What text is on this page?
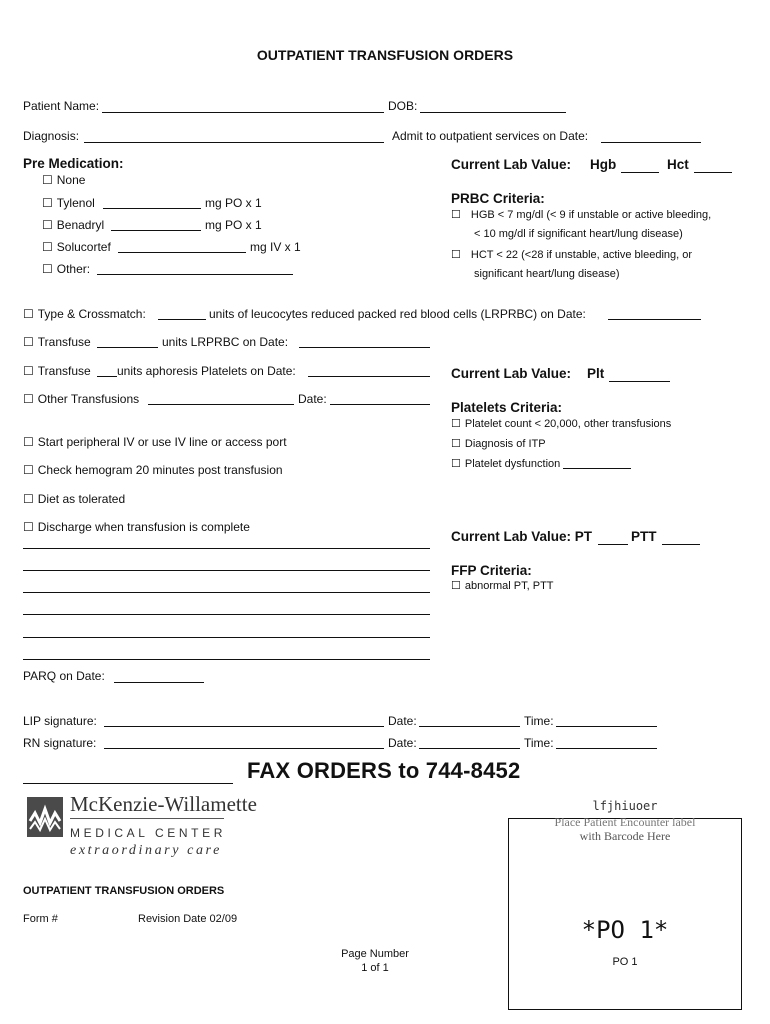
OUTPATIENT TRANSFUSION ORDERS
Patient Name:	DOB:
Diagnosis:	Admit to outpatient services on Date:
Pre Medication:
☐ None
☐ Tylenol	mg PO x 1
☐ Benadryl	mg PO x 1
☐ Solucortef	mg IV x 1
☐ Other:
Current Lab Value: Hgb	Hct
PRBC Criteria:
☐ HGB < 7 mg/dl (< 9 if unstable or active bleeding,
< 10 mg/dl if significant heart/lung disease)
☐ HCT < 22 (<28 if unstable, active bleeding, or
significant heart/lung disease)
☐ Type & Crossmatch:	units of leucocytes reduced packed red blood cells (LRPRBC) on Date:
☐ Transfuse	units LRPRBC on Date:
☐ Transfuse units aphoresis Platelets on Date:	Current Lab Value: Plt
☐ Other Transfusions	Date:
Platelets Criteria:
☐ Platelet count < 20,000, other transfusions
☐ Diagnosis of ITP
☐ Platelet dysfunction
☐ Start peripheral IV or use IV line or access port
☐ Check hemogram 20 minutes post transfusion
☐ Diet as tolerated
☐ Discharge when transfusion is complete
Current Lab Value: PT	PTT
FFP Criteria:
☐ abnormal PT, PTT
PARQ on Date:
LIP signature:	Date:	Time:
RN signature:	Date:	Time:
FAX ORDERS to 744-8452
McKenzie-Willamette
MEDICAL CENTER
extraordinary care
lfjhiuoer
Place Patient Encounter label
with Barcode Here
*PO 1*
PO 1
OUTPATIENT TRANSFUSION ORDERS
Form #	Revision Date 02/09
Page Number
1 of 1
